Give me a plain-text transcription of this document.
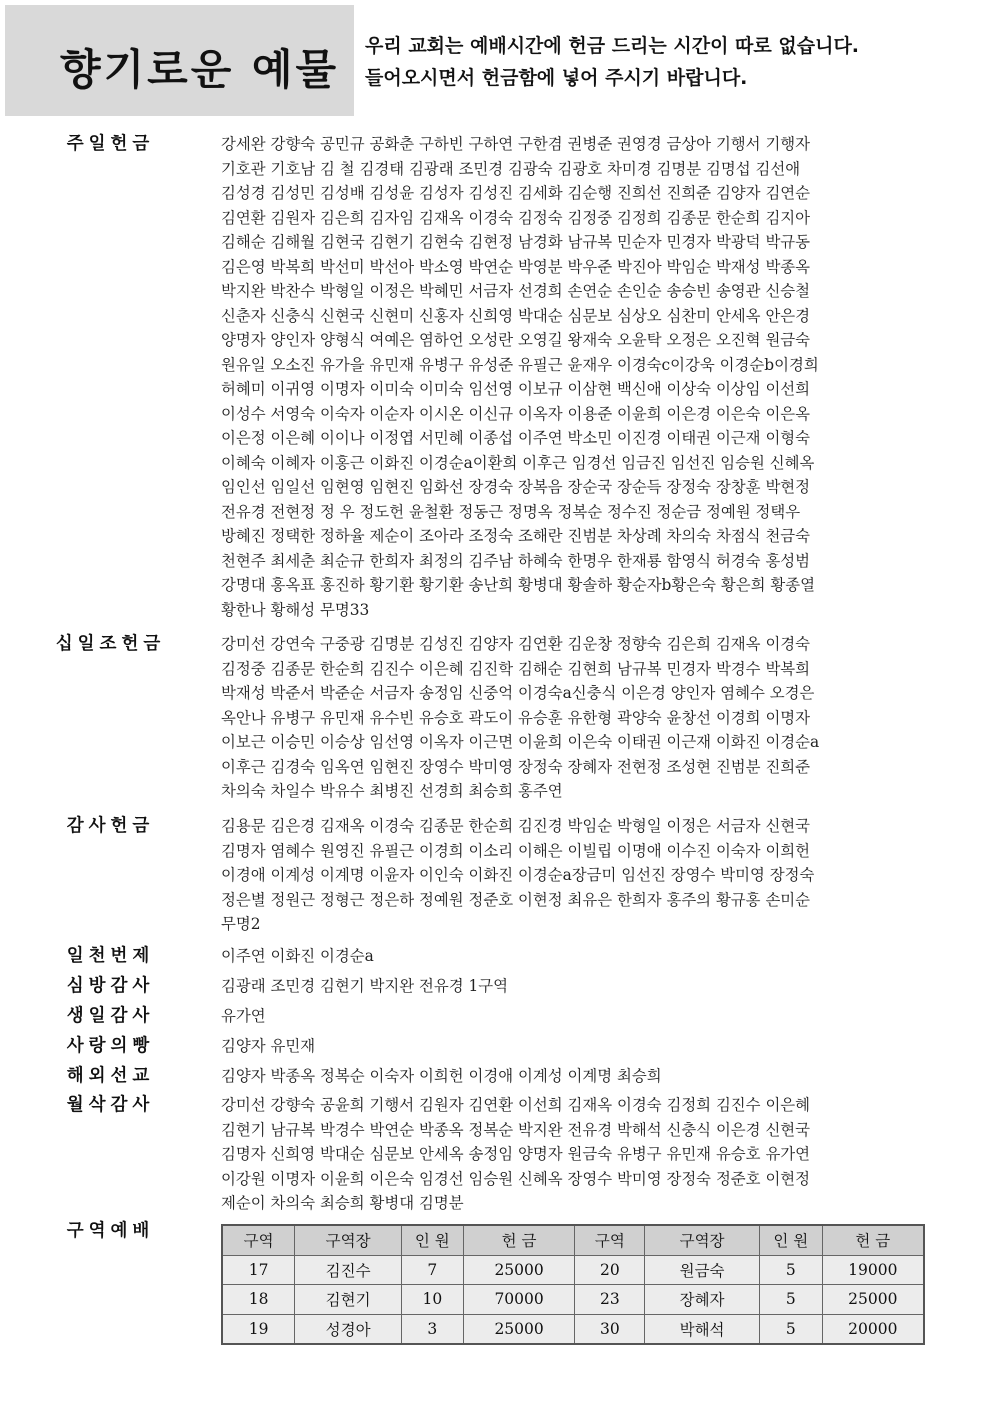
향기로운 예물 우리 교회는 예배시간에 헌금 드리는 시간이 따로 없습니다.
들어오시면서 헌금함에 넣어 주시기 바랍니다.
주일헌금	강세완 강향숙 공민규 공화춘 구하빈 구하연 구한겸 권병준 권영경 금상아 기행서 기행자
기호관 기호남 김 철 김경태 김광래 조민경 김광숙 김광호 차미경 김명분 김명섭 김선애
김성경 김성민 김성배 김성윤 김성자 김성진 김세화 김순행 진희선 진희준 김양자 김연순
김연환 김원자 김은희 김자임 김재옥 이경숙 김정숙 김정중 김정희 김종문 한순희 김지아
김해순 김해월 김현국 김현기 김현숙 김현정 남경화 남규복 민순자 민경자 박광덕 박규동
김은영 박복희 박선미 박선아 박소영 박연순 박영분 박우준 박진아 박임순 박재성 박종옥
박지완 박찬수 박형일 이정은 박혜민 서금자 선경희 손연순 손인순 송승빈 송영관 신승철
신춘자 신충식 신현국 신현미 신홍자 신희영 박대순 심문보 심상오 심찬미 안세옥 안은경
양명자 양인자 양형식 여예은 염하언 오성란 오영길 왕재숙 오윤탁 오정은 오진혁 원금숙
원유일 오소진 유가을 유민재 유병구 유성준 유필근 윤재우 이경숙c이강욱 이경순b이경희
허혜미 이귀영 이명자 이미숙 이미숙 임선영 이보규 이삼현 백신애 이상숙 이상임 이선희
이성수 서영숙 이숙자 이순자 이시온 이신규 이옥자 이용준 이윤희 이은경 이은숙 이은옥
이은정 이은혜 이이나 이정엽 서민혜 이종섭 이주연 박소민 이진경 이태권 이근재 이형숙
이혜숙 이혜자 이홍근 이화진 이경순a이환희 이후근 임경선 임금진 임선진 임승원 신혜옥
임인선 임일선 임현영 임현진 임화선 장경숙 장복음 장순국 장순득 장정숙 장창훈 박현정
전유경 전현정 정 우 정도헌 윤철환 정동근 정명옥 정복순 정수진 정순금 정예원 정택우
방혜진 정택한 정하율 제순이 조아라 조정숙 조해란 진범분 차상례 차의숙 차점식 천금숙
천현주 최세춘 최순규 한희자 최정의 김주남 하혜숙 한명우 한재룡 함영식 허경숙 홍성범
강명대 홍옥표 홍진하 황기환 황기환 송난희 황병대 황솔하 황순자b황은숙 황은희 황종열
황한나 황해성 무명33
십일조헌금	강미선 강연숙 구중광 김명분 김성진 김양자 김연환 김운창 정향숙 김은희 김재옥 이경숙
김정중 김종문 한순희 김진수 이은혜 김진학 김해순 김현희 남규복 민경자 박경수 박복희
박재성 박준서 박준순 서금자 송정임 신중억 이경숙a신충식 이은경 양인자 염혜수 오경은
옥안나 유병구 유민재 유수빈 유승호 곽도이 유승훈 유한형 곽양숙 윤창선 이경희 이명자
이보근 이승민 이승상 임선영 이옥자 이근면 이윤희 이은숙 이태권 이근재 이화진 이경순a
이후근 김경숙 임옥연 임현진 장영수 박미영 장정숙 장혜자 전현정 조성현 진범분 진희준
차의숙 차일수 박유수 최병진 선경희 최승희 홍주연
감사헌금	김용문 김은경 김재옥 이경숙 김종문 한순희 김진경 박임순 박형일 이정은 서금자 신현국
김명자 염혜수 원영진 유필근 이경희 이소리 이해은 이빌립 이명애 이수진 이숙자 이희헌
이경애 이계성 이계명 이윤자 이인숙 이화진 이경순a장금미 임선진 장영수 박미영 장정숙
정은별 정원근 정형근 정은하 정예원 정준호 이현정 최유은 한희자 홍주의 황규홍 손미순
무명2
일천번제	이주연 이화진 이경순a
심방감사	김광래 조민경 김현기 박지완 전유경 1구역
생일감사	유가연
사랑의빵	김양자 유민재
해외선교	김양자 박종옥 정복순 이숙자 이희헌 이경애 이계성 이계명 최승희
월삭감사	강미선 강향숙 공윤희 기행서 김원자 김연환 이선희 김재옥 이경숙 김정희 김진수 이은혜
김현기 남규복 박경수 박연순 박종옥 정복순 박지완 전유경 박해석 신충식 이은경 신현국
김명자 신희영 박대순 심문보 안세옥 송정임 양명자 원금숙 유병구 유민재 유승호 유가연
이강원 이명자 이윤희 이은숙 임경선 임승원 신혜옥 장영수 박미영 장정숙 정준호 이현정
제순이 차의숙 최승희 황병대 김명분
구역예배
구역	구역장	인 원	헌 금	구역	구역장	인 원	헌 금
17	김진수	7	25000	20	원금숙	5	19000
18	김현기	10	70000	23	장혜자	5	25000
19	성경아	3	25000	30	박해석	5	20000
